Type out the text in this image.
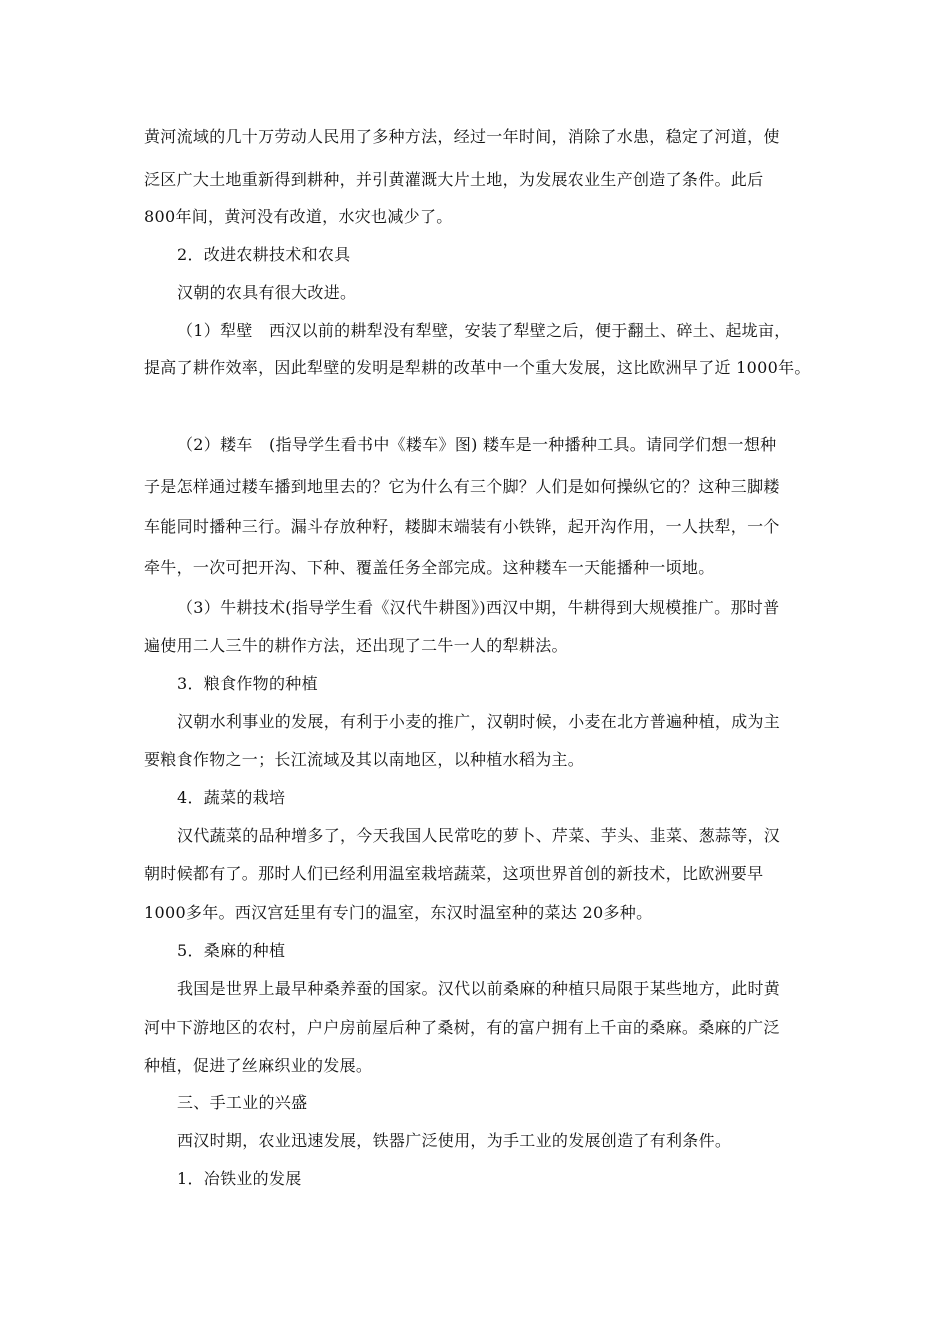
黄河流域的几十万劳动人民用了多种方法，经过一年时间，消除了水患，稳定了河道，使
泛区广大土地重新得到耕种，并引黄灌溉大片土地，为发展农业生产创造了条件。此后
800年间，黄河没有改道，水灾也减少了。
2．改进农耕技术和农具
汉朝的农具有很大改进。
（1）犁壁　西汉以前的耕犁没有犁壁，安装了犁壁之后，便于翻土、碎土、起垅亩，
提高了耕作效率，因此犁壁的发明是犁耕的改革中一个重大发展，这比欧洲早了近 1000年。
（2）耧车　(指导学生看书中《耧车》图) 耧车是一种播种工具。请同学们想一想种
子是怎样通过耧车播到地里去的？它为什么有三个脚？人们是如何操纵它的？这种三脚耧
车能同时播种三行。漏斗存放种籽，耧脚末端装有小铁铧，起开沟作用，一人扶犁，一个
牵牛，一次可把开沟、下种、覆盖任务全部完成。这种耧车一天能播种一顷地。
（3）牛耕技术(指导学生看《汉代牛耕图》)西汉中期，牛耕得到大规模推广。那时普
遍使用二人三牛的耕作方法，还出现了二牛一人的犁耕法。
3．粮食作物的种植
汉朝水利事业的发展，有利于小麦的推广，汉朝时候，小麦在北方普遍种植，成为主
要粮食作物之一；长江流域及其以南地区，以种植水稻为主。
4．蔬菜的栽培
汉代蔬菜的品种增多了，今天我国人民常吃的萝卜、芹菜、芋头、韭菜、葱蒜等，汉
朝时候都有了。那时人们已经利用温室栽培蔬菜，这项世界首创的新技术，比欧洲要早
1000多年。西汉宫廷里有专门的温室，东汉时温室种的菜达 20多种。
5．桑麻的种植
我国是世界上最早种桑养蚕的国家。汉代以前桑麻的种植只局限于某些地方，此时黄
河中下游地区的农村，户户房前屋后种了桑树，有的富户拥有上千亩的桑麻。桑麻的广泛
种植，促进了丝麻织业的发展。
三、手工业的兴盛
西汉时期，农业迅速发展，铁器广泛使用，为手工业的发展创造了有利条件。
1．冶铁业的发展
